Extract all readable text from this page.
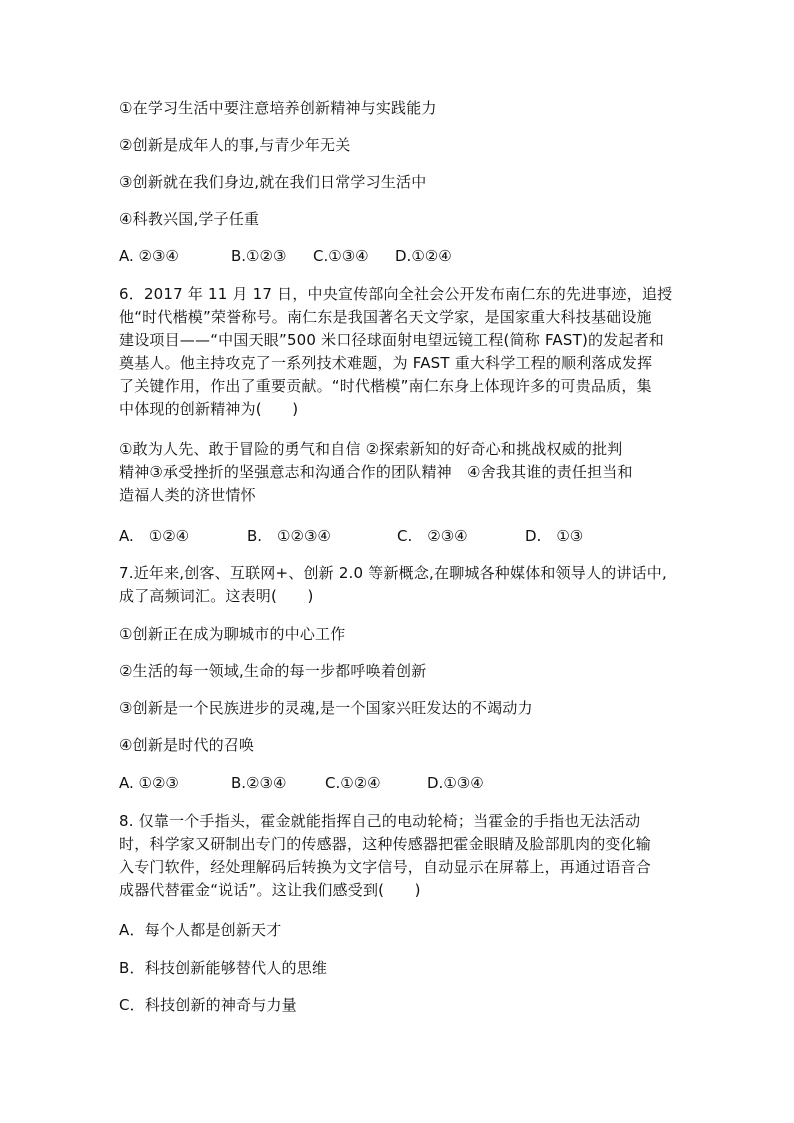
①在学习生活中要注意培养创新精神与实践能力
②创新是成年人的事,与青少年无关
③创新就在我们身边,就在我们日常学习生活中
④科教兴国,学子任重
A. ②③④	B.①②③ C.①③④ D.①②④
6．2017 年 11 月 17 日，中央宣传部向全社会公开发布南仁东的先进事迹，追授
他“时代楷模”荣誉称号。南仁东是我国著名天文学家，是国家重大科技基础设施
建设项目——“中国天眼”500 米口径球面射电望远镜工程(简称 FAST)的发起者和
奠基人。他主持攻克了一系列技术难题，为 FAST 重大科学工程的顺利落成发挥
了关键作用，作出了重要贡献。“时代楷模”南仁东身上体现许多的可贵品质，集
中体现的创新精神为(　　)
①敢为人先、敢于冒险的勇气和自信 ②探索新知的好奇心和挑战权威的批判
精神③承受挫折的坚强意志和沟通合作的团队精神　④舍我其谁的责任担当和
造福人类的济世情怀
A.　①②④	B.　①②③④	C.　②③④	D.　①③
7.近年来,创客、互联网+、创新 2.0 等新概念,在聊城各种媒体和领导人的讲话中,
成了高频词汇。这表明(　　)
①创新正在成为聊城市的中心工作
②生活的每一领域,生命的每一步都呼唤着创新
③创新是一个民族进步的灵魂,是一个国家兴旺发达的不竭动力
④创新是时代的召唤
A. ①②③	B.②③④	C.①②④	D.①③④
8. 仅靠一个手指头，霍金就能指挥自己的电动轮椅；当霍金的手指也无法活动
时，科学家又研制出专门的传感器，这种传感器把霍金眼睛及脸部肌肉的变化输
入专门软件，经处理解码后转换为文字信号，自动显示在屏幕上，再通过语音合
成器代替霍金“说话”。这让我们感受到(　　)
A．每个人都是创新天才
B．科技创新能够替代人的思维
C．科技创新的神奇与力量
